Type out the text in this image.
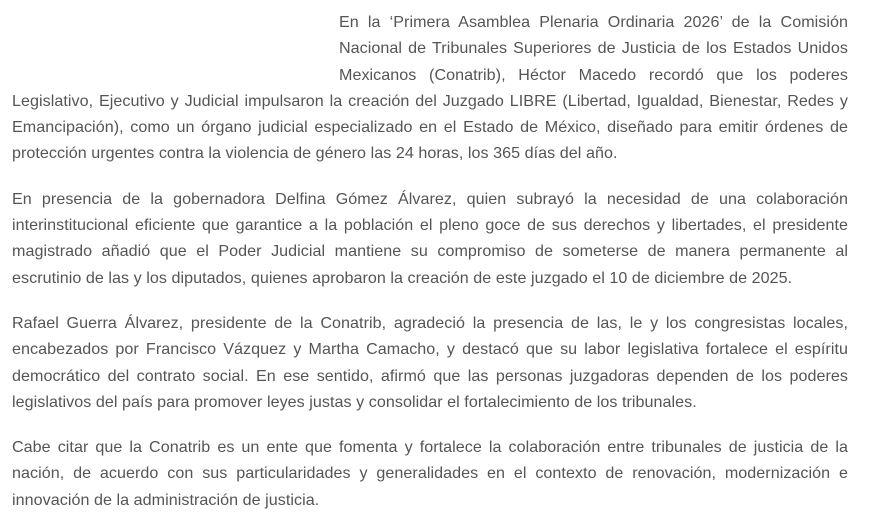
En la ‘Primera Asamblea Plenaria Ordinaria 2026’ de la Comisión Nacional de Tribunales Superiores de Justicia de los Estados Unidos Mexicanos (Conatrib), Héctor Macedo recordó que los poderes Legislativo, Ejecutivo y Judicial impulsaron la creación del Juzgado LIBRE (Libertad, Igualdad, Bienestar, Redes y Emancipación), como un órgano judicial especializado en el Estado de México, diseñado para emitir órdenes de protección urgentes contra la violencia de género las 24 horas, los 365 días del año.

En presencia de la gobernadora Delfina Gómez Álvarez, quien subrayó la necesidad de una colaboración interinstitucional eficiente que garantice a la población el pleno goce de sus derechos y libertades, el presidente magistrado añadió que el Poder Judicial mantiene su compromiso de someterse de manera permanente al escrutinio de las y los diputados, quienes aprobaron la creación de este juzgado el 10 de diciembre de 2025.

Rafael Guerra Álvarez, presidente de la Conatrib, agradeció la presencia de las, le y los congresistas locales, encabezados por Francisco Vázquez y Martha Camacho, y destacó que su labor legislativa fortalece el espíritu democrático del contrato social. En ese sentido, afirmó que las personas juzgadoras dependen de los poderes legislativos del país para promover leyes justas y consolidar el fortalecimiento de los tribunales.

Cabe citar que la Conatrib es un ente que fomenta y fortalece la colaboración entre tribunales de justicia de la nación, de acuerdo con sus particularidades y generalidades en el contexto de renovación, modernización e innovación de la administración de justicia.
